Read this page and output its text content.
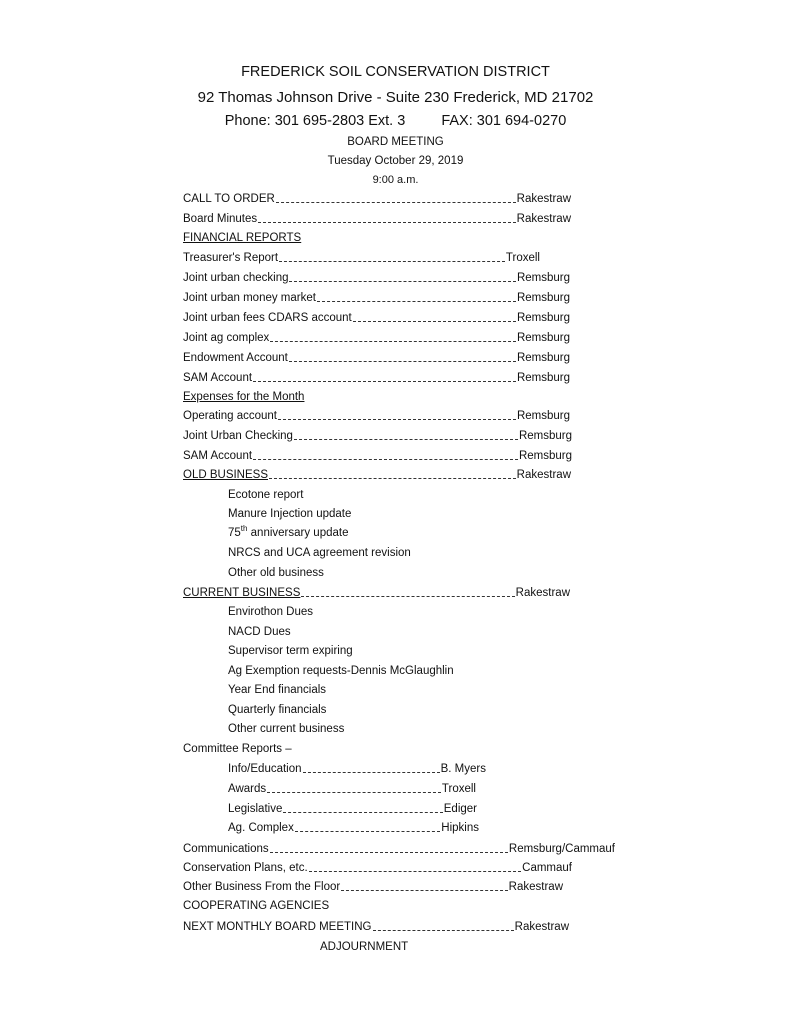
FREDERICK SOIL CONSERVATION DISTRICT
92 Thomas Johnson Drive - Suite 230 Frederick, MD 21702
Phone: 301 695-2803 Ext. 3 FAX: 301 694-0270
BOARD MEETING
Tuesday October 29, 2019
9:00 a.m.
CALL TO ORDER	Rakestraw
Board Minutes	Rakestraw
FINANCIAL REPORTS
Treasurer's Report	Troxell
Joint urban checking	Remsburg
Joint urban money market	Remsburg
Joint urban fees CDARS account	Remsburg
Joint ag complex	Remsburg
Endowment Account	Remsburg
SAM Account	Remsburg
Expenses for the Month
Operating account	Remsburg
Joint Urban Checking	Remsburg
SAM Account	Remsburg
OLD BUSINESS	Rakestraw
Ecotone report
Manure Injection update
75th anniversary update
NRCS and UCA agreement revision
Other old business
CURRENT BUSINESS	Rakestraw
Envirothon Dues
NACD Dues
Supervisor term expiring
Ag Exemption requests-Dennis McGlaughlin
Year End financials
Quarterly financials
Other current business
Committee Reports –
Info/Education	B. Myers
Awards	Troxell
Legislative	Ediger
Ag. Complex	Hipkins
Communications	Remsburg/Cammauf
Conservation Plans, etc.	Cammauf
Other Business From the Floor	Rakestraw
COOPERATING AGENCIES
NEXT MONTHLY BOARD MEETING	Rakestraw
ADJOURNMENT
